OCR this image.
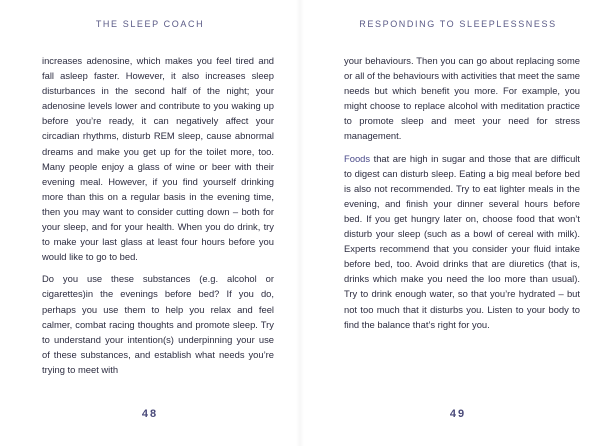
THE SLEEP COACH

increases adenosine, which makes you feel tired and fall asleep faster. However, it also increases sleep disturbances in the second half of the night; your adenosine levels lower and contribute to you waking up before you’re ready, it can negatively affect your circadian rhythms, disturb REM sleep, cause abnormal dreams and make you get up for the toilet more, too. Many people enjoy a glass of wine or beer with their evening meal. However, if you find yourself drinking more than this on a regular basis in the evening time, then you may want to consider cutting down – both for your sleep, and for your health. When you do drink, try to make your last glass at least four hours before you would like to go to bed.

Do you use these substances (e.g. alcohol or cigarettes)in the evenings before bed? If you do, perhaps you use them to help you relax and feel calmer, combat racing thoughts and promote sleep. Try to understand your intention(s) underpinning your use of these substances, and establish what needs you’re trying to meet with

48
RESPONDING TO SLEEPLESSNESS

your behaviours. Then you can go about replacing some or all of the behaviours with activities that meet the same needs but which benefit you more. For example, you might choose to replace alcohol with meditation practice to promote sleep and meet your need for stress management.

Foods that are high in sugar and those that are difficult to digest can disturb sleep. Eating a big meal before bed is also not recommended. Try to eat lighter meals in the evening, and finish your dinner several hours before bed. If you get hungry later on, choose food that won’t disturb your sleep (such as a bowl of cereal with milk). Experts recommend that you consider your fluid intake before bed, too. Avoid drinks that are diuretics (that is, drinks which make you need the loo more than usual). Try to drink enough water, so that you’re hydrated – but not too much that it disturbs you. Listen to your body to find the balance that’s right for you.

49
